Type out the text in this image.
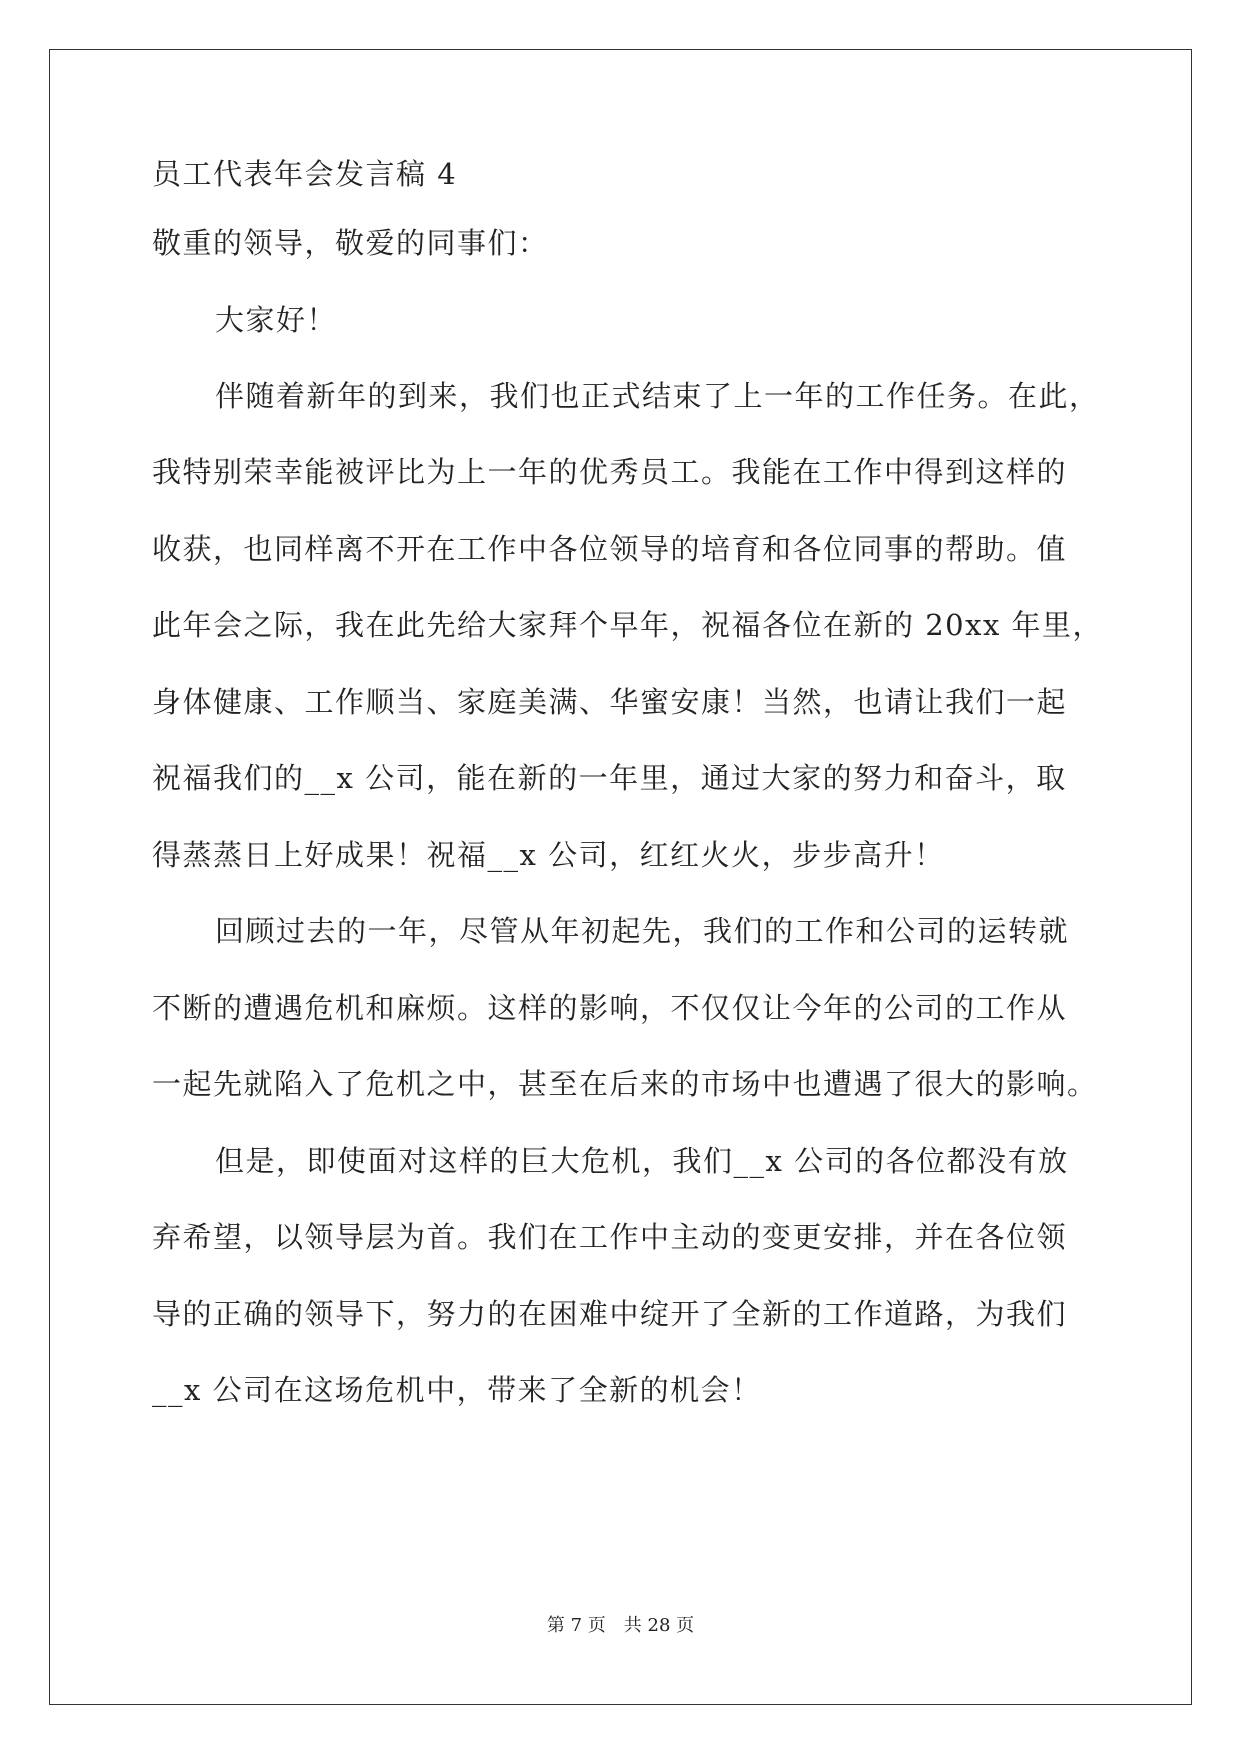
员工代表年会发言稿 4
敬重的领导，敬爱的同事们：
大家好！
伴随着新年的到来，我们也正式结束了上一年的工作任务。在此，
我特别荣幸能被评比为上一年的优秀员工。我能在工作中得到这样的
收获，也同样离不开在工作中各位领导的培育和各位同事的帮助。值
此年会之际，我在此先给大家拜个早年，祝福各位在新的 20xx 年里，
身体健康、工作顺当、家庭美满、华蜜安康！当然，也请让我们一起
祝福我们的__x 公司，能在新的一年里，通过大家的努力和奋斗，取
得蒸蒸日上好成果！祝福__x 公司，红红火火，步步高升！
回顾过去的一年，尽管从年初起先，我们的工作和公司的运转就
不断的遭遇危机和麻烦。这样的影响，不仅仅让今年的公司的工作从
一起先就陷入了危机之中，甚至在后来的市场中也遭遇了很大的影响。
但是，即使面对这样的巨大危机，我们__x 公司的各位都没有放
弃希望，以领导层为首。我们在工作中主动的变更安排，并在各位领
导的正确的领导下，努力的在困难中绽开了全新的工作道路，为我们
__x 公司在这场危机中，带来了全新的机会！
第 7 页　共 28 页
